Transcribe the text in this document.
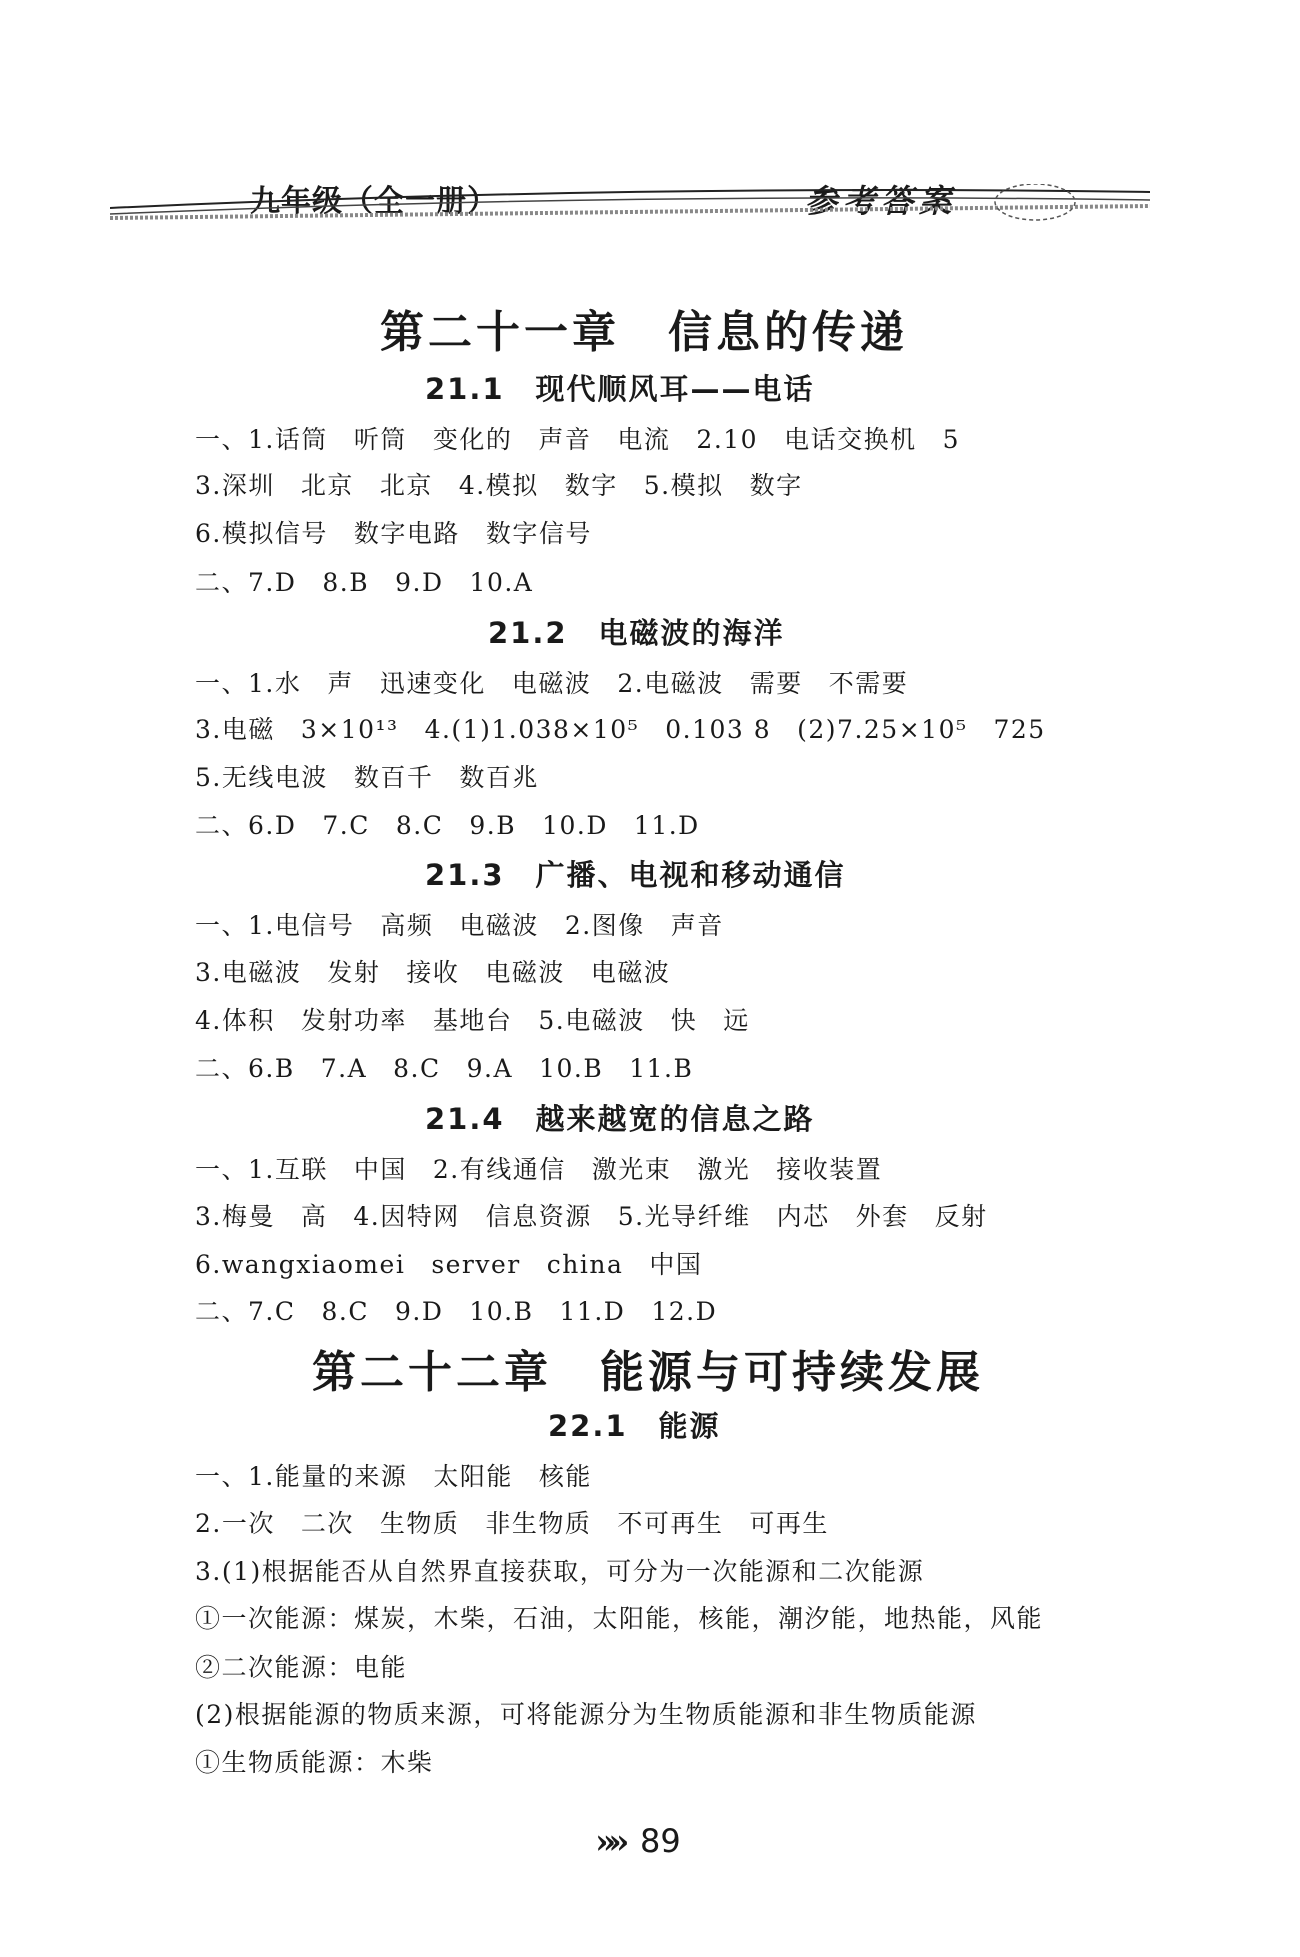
九年级（全一册）	参考答案
第二十一章　信息的传递
21.1　现代顺风耳——电话
一、1.话筒 听筒 变化的 声音 电流 2.10 电话交换机 5
3.深圳 北京 北京 4.模拟 数字 5.模拟 数字
6.模拟信号 数字电路 数字信号
二、7.D 8.B 9.D 10.A
21.2　电磁波的海洋
一、1.水 声 迅速变化 电磁波 2.电磁波 需要 不需要
3.电磁 3×10¹³ 4.(1)1.038×10⁵ 0.103 8 (2)7.25×10⁵ 725
5.无线电波 数百千 数百兆
二、6.D 7.C 8.C 9.B 10.D 11.D
21.3　广播、电视和移动通信
一、1.电信号 高频 电磁波 2.图像 声音
3.电磁波 发射 接收 电磁波 电磁波
4.体积 发射功率 基地台 5.电磁波 快 远
二、6.B 7.A 8.C 9.A 10.B 11.B
21.4　越来越宽的信息之路
一、1.互联 中国 2.有线通信 激光束 激光 接收装置
3.梅曼 高 4.因特网 信息资源 5.光导纤维 内芯 外套 反射
6.wangxiaomei server china 中国
二、7.C 8.C 9.D 10.B 11.D 12.D
第二十二章　能源与可持续发展
22.1　能源
一、1.能量的来源 太阳能 核能
2.一次 二次 生物质 非生物质 不可再生 可再生
3.(1)根据能否从自然界直接获取，可分为一次能源和二次能源
①一次能源：煤炭，木柴，石油，太阳能，核能，潮汐能，地热能，风能
②二次能源：电能
(2)根据能源的物质来源，可将能源分为生物质能源和非生物质能源
①生物质能源：木柴
»» 89
